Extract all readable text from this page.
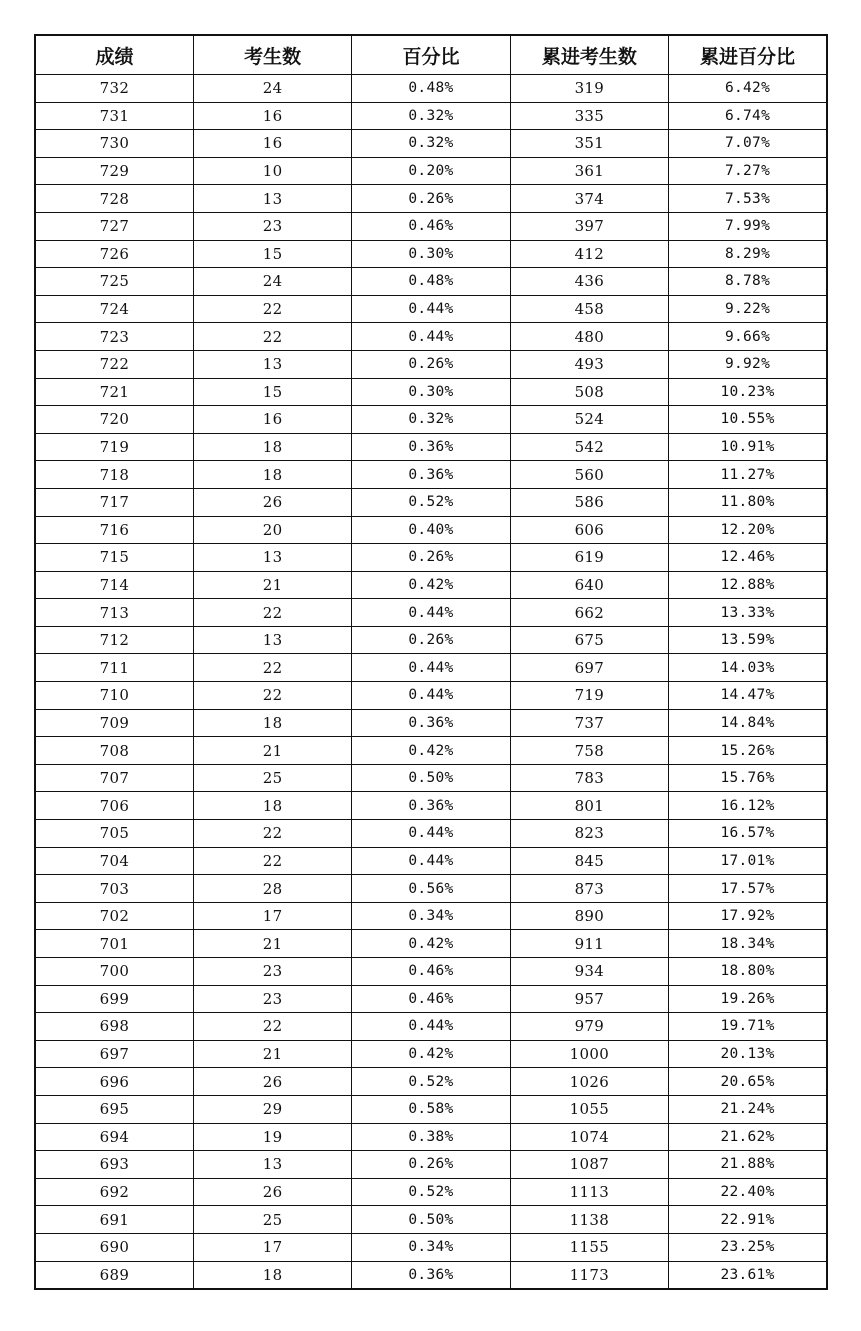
成绩	考生数	百分比	累进考生数	累进百分比
732	24	0.48%	319	6.42%
731	16	0.32%	335	6.74%
730	16	0.32%	351	7.07%
729	10	0.20%	361	7.27%
728	13	0.26%	374	7.53%
727	23	0.46%	397	7.99%
726	15	0.30%	412	8.29%
725	24	0.48%	436	8.78%
724	22	0.44%	458	9.22%
723	22	0.44%	480	9.66%
722	13	0.26%	493	9.92%
721	15	0.30%	508	10.23%
720	16	0.32%	524	10.55%
719	18	0.36%	542	10.91%
718	18	0.36%	560	11.27%
717	26	0.52%	586	11.80%
716	20	0.40%	606	12.20%
715	13	0.26%	619	12.46%
714	21	0.42%	640	12.88%
713	22	0.44%	662	13.33%
712	13	0.26%	675	13.59%
711	22	0.44%	697	14.03%
710	22	0.44%	719	14.47%
709	18	0.36%	737	14.84%
708	21	0.42%	758	15.26%
707	25	0.50%	783	15.76%
706	18	0.36%	801	16.12%
705	22	0.44%	823	16.57%
704	22	0.44%	845	17.01%
703	28	0.56%	873	17.57%
702	17	0.34%	890	17.92%
701	21	0.42%	911	18.34%
700	23	0.46%	934	18.80%
699	23	0.46%	957	19.26%
698	22	0.44%	979	19.71%
697	21	0.42%	1000	20.13%
696	26	0.52%	1026	20.65%
695	29	0.58%	1055	21.24%
694	19	0.38%	1074	21.62%
693	13	0.26%	1087	21.88%
692	26	0.52%	1113	22.40%
691	25	0.50%	1138	22.91%
690	17	0.34%	1155	23.25%
689	18	0.36%	1173	23.61%
